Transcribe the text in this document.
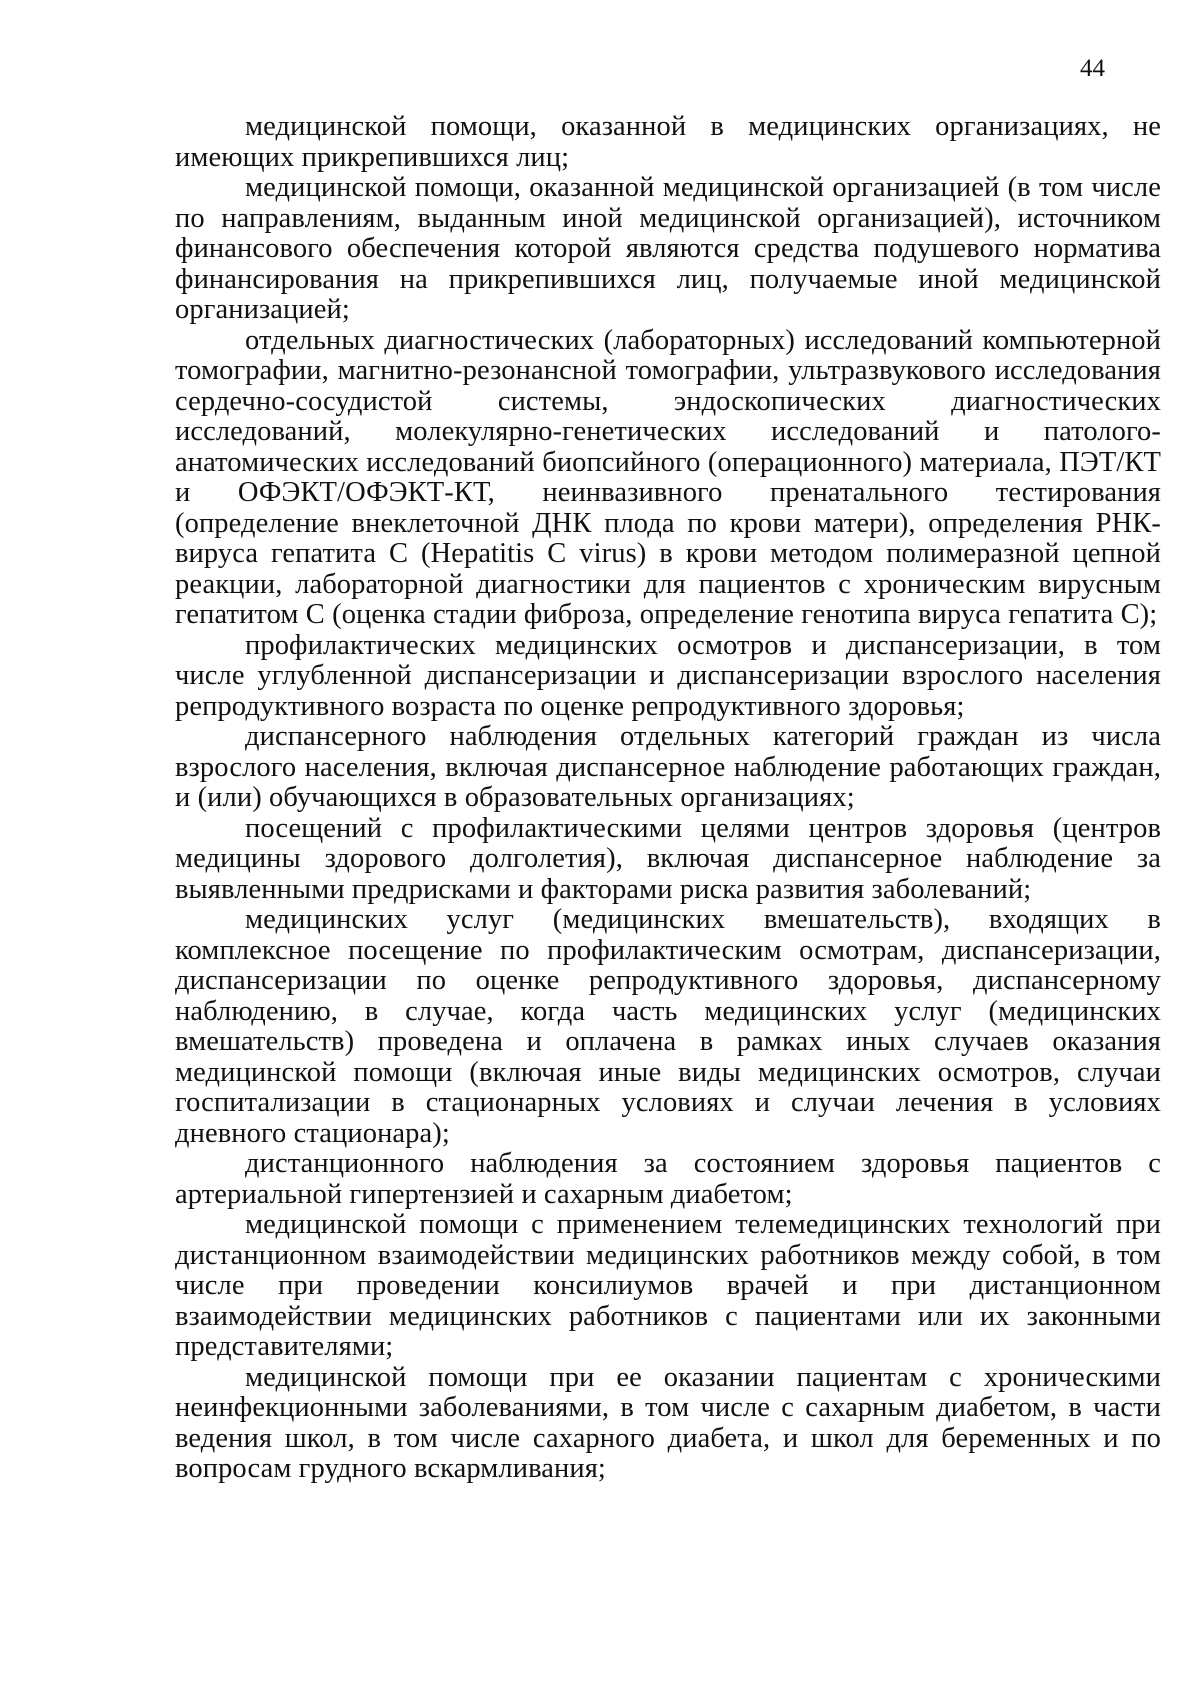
44

медицинской помощи, оказанной в медицинских организациях, не имеющих прикрепившихся лиц;

медицинской помощи, оказанной медицинской организацией (в том числе по направлениям, выданным иной медицинской организацией), источником финансового обеспечения которой являются средства подушевого норматива финансирования на прикрепившихся лиц, получаемые иной медицинской организацией;

отдельных диагностических (лабораторных) исследований компьютерной томографии, магнитно-резонансной томографии, ультразвукового исследования сердечно-сосудистой системы, эндоскопических диагностических исследований, молекулярно-генетических исследований и патолого-анатомических исследований биопсийного (операционного) материала, ПЭТ/КТ и ОФЭКТ/ОФЭКТ-КТ, неинвазивного пренатального тестирования (определение внеклеточной ДНК плода по крови матери), определения РНК-вируса гепатита C (Hepatitis C virus) в крови методом полимеразной цепной реакции, лабораторной диагностики для пациентов с хроническим вирусным гепатитом C (оценка стадии фиброза, определение генотипа вируса гепатита C);

профилактических медицинских осмотров и диспансеризации, в том числе углубленной диспансеризации и диспансеризации взрослого населения репродуктивного возраста по оценке репродуктивного здоровья;

диспансерного наблюдения отдельных категорий граждан из числа взрослого населения, включая диспансерное наблюдение работающих граждан, и (или) обучающихся в образовательных организациях;

посещений с профилактическими целями центров здоровья (центров медицины здорового долголетия), включая диспансерное наблюдение за выявленными предрисками и факторами риска развития заболеваний;

медицинских услуг (медицинских вмешательств), входящих в комплексное посещение по профилактическим осмотрам, диспансеризации, диспансеризации по оценке репродуктивного здоровья, диспансерному наблюдению, в случае, когда часть медицинских услуг (медицинских вмешательств) проведена и оплачена в рамках иных случаев оказания медицинской помощи (включая иные виды медицинских осмотров, случаи госпитализации в стационарных условиях и случаи лечения в условиях дневного стационара);

дистанционного наблюдения за состоянием здоровья пациентов с артериальной гипертензией и сахарным диабетом;

медицинской помощи с применением телемедицинских технологий при дистанционном взаимодействии медицинских работников между собой, в том числе при проведении консилиумов врачей и при дистанционном взаимодействии медицинских работников с пациентами или их законными представителями;

медицинской помощи при ее оказании пациентам с хроническими неинфекционными заболеваниями, в том числе с сахарным диабетом, в части ведения школ, в том числе сахарного диабета, и школ для беременных и по вопросам грудного вскармливания;
